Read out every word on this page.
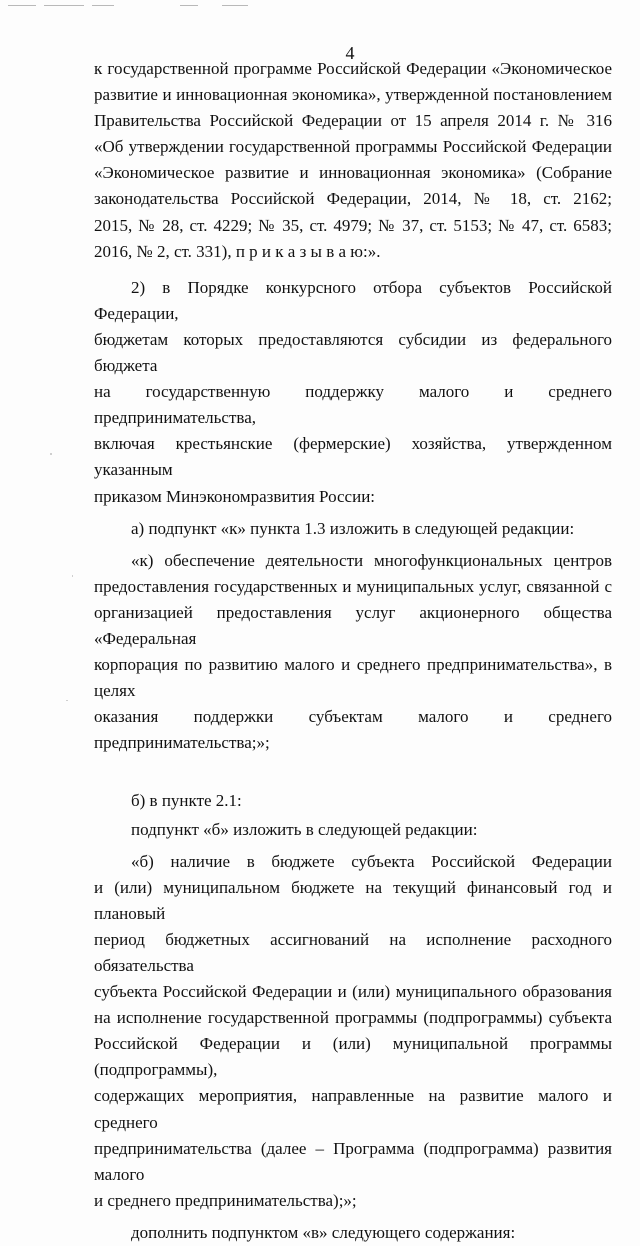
4

к государственной программе Российской Федерации «Экономическое
развитие и инновационная экономика», утвержденной постановлением
Правительства Российской Федерации от 15 апреля 2014 г. № 316
«Об утверждении государственной программы Российской Федерации
«Экономическое развитие и инновационная экономика» (Собрание
законодательства Российской Федерации, 2014, № 18, ст. 2162;
2015, № 28, ст. 4229; № 35, ст. 4979; № 37, ст. 5153; № 47, ст. 6583;
2016, № 2, ст. 331), п р и к а з ы в а ю:».

2) в Порядке конкурсного отбора субъектов Российской Федерации,
бюджетам которых предоставляются субсидии из федерального бюджета
на государственную поддержку малого и среднего предпринимательства,
включая крестьянские (фермерские) хозяйства, утвержденном указанным
приказом Минэкономразвития России:

а) подпункт «к» пункта 1.3 изложить в следующей редакции:

«к) обеспечение деятельности многофункциональных центров
предоставления государственных и муниципальных услуг, связанной с
организацией предоставления услуг акционерного общества «Федеральная
корпорация по развитию малого и среднего предпринимательства», в целях
оказания поддержки субъектам малого и среднего предпринимательства;»;

б) в пункте 2.1:

подпункт «б» изложить в следующей редакции:

«б) наличие в бюджете субъекта Российской Федерации
и (или) муниципальном бюджете на текущий финансовый год и плановый
период бюджетных ассигнований на исполнение расходного обязательства
субъекта Российской Федерации и (или) муниципального образования
на исполнение государственной программы (подпрограммы) субъекта
Российской Федерации и (или) муниципальной программы (подпрограммы),
содержащих мероприятия, направленные на развитие малого и среднего
предпринимательства (далее – Программа (подпрограмма) развития малого
и среднего предпринимательства);»;

дополнить подпунктом «в» следующего содержания:
